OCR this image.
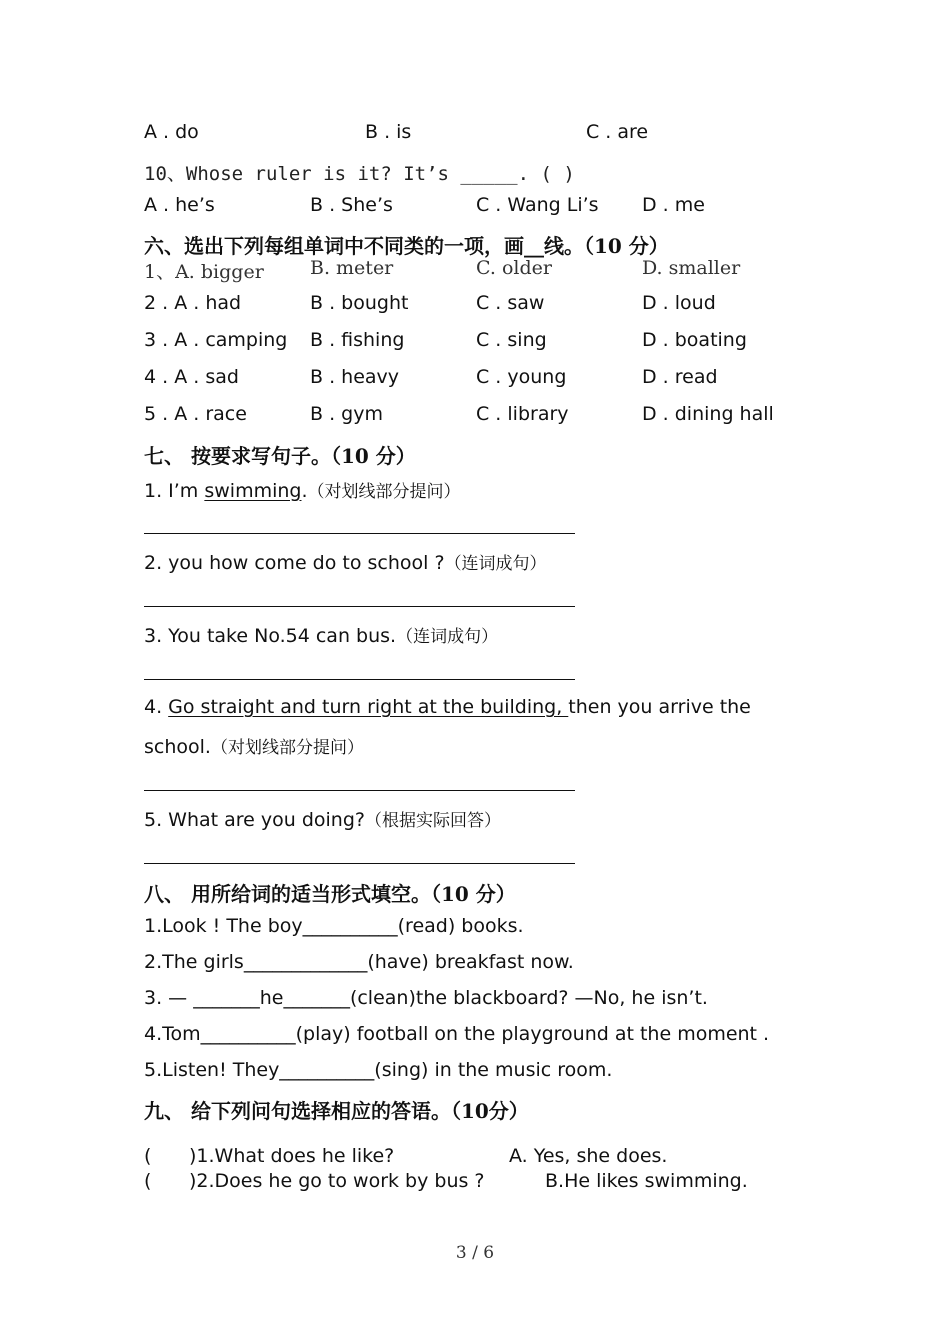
A . do	B . is	C . are
10、Whose ruler is it? It’s _____. ( )
A . he’s	B . She’s	C . Wang Li’s D . me
六、选出下列每组单词中不同类的一项，画__线。（10 分）
1、A. bigger B. meter	C. older	D. smaller
2 . A . had	B . bought	C . saw	D . loud
3 . A . camping B . fishing	C . sing	D . boating
4 . A . sad	B . heavy	C . young	D . read
5 . A . race	B . gym	C . library	D . dining hall
七、 按要求写句子。（10 分）
1. I’m swimming.（对划线部分提问）
2. you how come do to school ?（连词成句）
3. You take No.54 can bus.（连词成句）
4. Go straight and turn right at the building, then you arrive the
school.（对划线部分提问）
5. What are you doing?（根据实际回答）
八、 用所给词的适当形式填空。（10 分）
1.Look ! The boy__________(read) books.
2.The girls_____________(have) breakfast now.
3. — _______he_______(clean)the blackboard? —No, he isn’t.
4.Tom__________(play) football on the playground at the moment .
5.Listen! They__________(sing) in the music room.
九、 给下列问句选择相应的答语。（10分）
( )1.What does he like?	A. Yes, she does.
( )2.Does he go to work by bus ?	B.He likes swimming.
3 / 6
